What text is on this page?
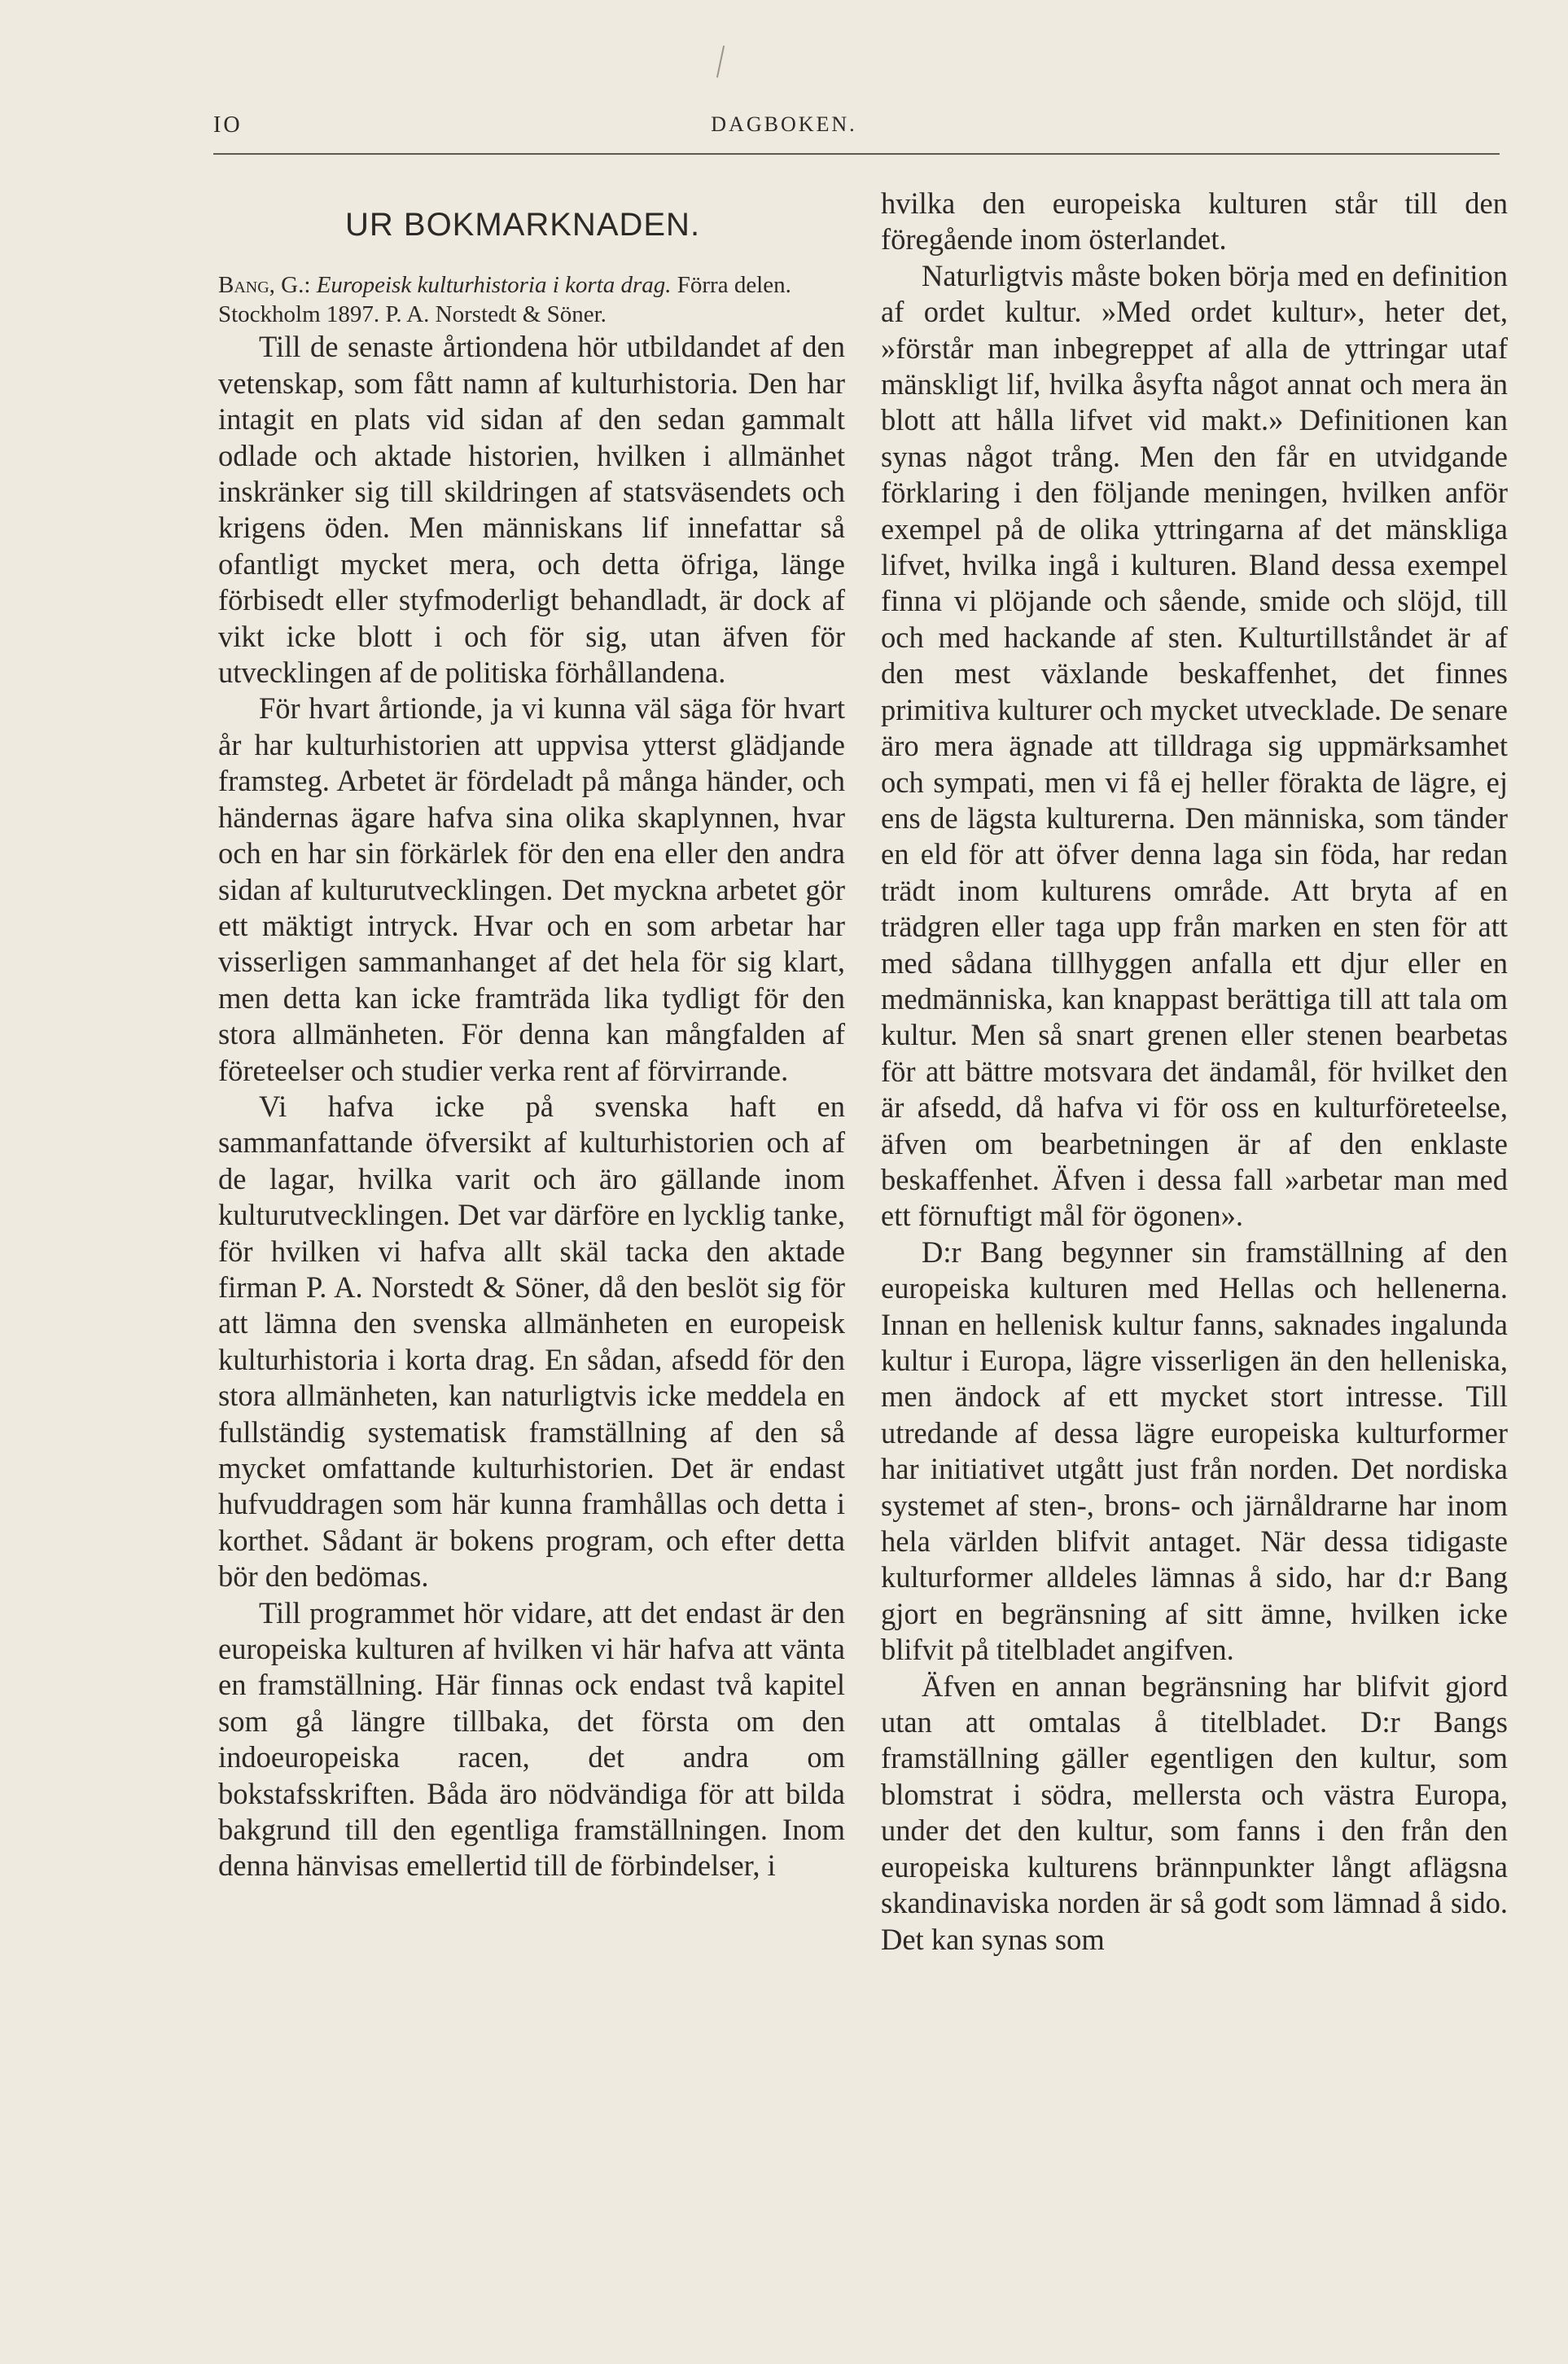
IO	DAGBOKEN.
UR BOKMARKNADEN.

Bang, G.: Europeisk kulturhistoria i korta drag. Förra delen. Stockholm 1897. P. A. Norstedt & Söner.

Till de senaste årtiondena hör utbildandet af den vetenskap, som fått namn af kulturhistoria. Den har intagit en plats vid sidan af den sedan gammalt odlade och aktade historien, hvilken i allmänhet inskränker sig till skildringen af statsväsendets och krigens öden. Men människans lif innefattar så ofantligt mycket mera, och detta öfriga, länge förbisedt eller styfmoderligt behandladt, är dock af vikt icke blott i och för sig, utan äfven för utvecklingen af de politiska förhållandena.

För hvart årtionde, ja vi kunna väl säga för hvart år har kulturhistorien att uppvisa ytterst glädjande framsteg. Arbetet är fördeladt på många händer, och händernas ägare hafva sina olika skaplynnen, hvar och en har sin förkärlek för den ena eller den andra sidan af kulturutvecklingen. Det myckna arbetet gör ett mäktigt intryck. Hvar och en som arbetar har visserligen sammanhanget af det hela för sig klart, men detta kan icke framträda lika tydligt för den stora allmänheten. För denna kan mångfalden af företeelser och studier verka rent af förvirrande.

Vi hafva icke på svenska haft en sammanfattande öfversikt af kulturhistorien och af de lagar, hvilka varit och äro gällande inom kulturutvecklingen. Det var därföre en lycklig tanke, för hvilken vi hafva allt skäl tacka den aktade firman P. A. Norstedt & Söner, då den beslöt sig för att lämna den svenska allmänheten en europeisk kulturhistoria i korta drag. En sådan, afsedd för den stora allmänheten, kan naturligtvis icke meddela en fullständig systematisk framställning af den så mycket omfattande kulturhistorien. Det är endast hufvuddragen som här kunna framhållas och detta i korthet. Sådant är bokens program, och efter detta bör den bedömas.

Till programmet hör vidare, att det endast är den europeiska kulturen af hvilken vi här hafva att vänta en framställning. Här finnas ock endast två kapitel som gå längre tillbaka, det första om den indoeuropeiska racen, det andra om bokstafsskriften. Båda äro nödvändiga för att bilda bakgrund till den egentliga framställningen. Inom denna hänvisas emellertid till de förbindelser, i

hvilka den europeiska kulturen står till den föregående inom österlandet.

Naturligtvis måste boken börja med en definition af ordet kultur. »Med ordet kultur», heter det, »förstår man inbegreppet af alla de yttringar utaf mänskligt lif, hvilka åsyfta något annat och mera än blott att hålla lifvet vid makt.» Definitionen kan synas något trång. Men den får en utvidgande förklaring i den följande meningen, hvilken anför exempel på de olika yttringarna af det mänskliga lifvet, hvilka ingå i kulturen. Bland dessa exempel finna vi plöjande och sående, smide och slöjd, till och med hackande af sten. Kulturtillståndet är af den mest växlande beskaffenhet, det finnes primitiva kulturer och mycket utvecklade. De senare äro mera ägnade att tilldraga sig uppmärksamhet och sympati, men vi få ej heller förakta de lägre, ej ens de lägsta kulturerna. Den människa, som tänder en eld för att öfver denna laga sin föda, har redan trädt inom kulturens område. Att bryta af en trädgren eller taga upp från marken en sten för att med sådana tillhyggen anfalla ett djur eller en medmänniska, kan knappast berättiga till att tala om kultur. Men så snart grenen eller stenen bearbetas för att bättre motsvara det ändamål, för hvilket den är afsedd, då hafva vi för oss en kulturföreteelse, äfven om bearbetningen är af den enklaste beskaffenhet. Äfven i dessa fall »arbetar man med ett förnuftigt mål för ögonen».

D:r Bang begynner sin framställning af den europeiska kulturen med Hellas och hellenerna. Innan en hellenisk kultur fanns, saknades ingalunda kultur i Europa, lägre visserligen än den helleniska, men ändock af ett mycket stort intresse. Till utredande af dessa lägre europeiska kulturformer har initiativet utgått just från norden. Det nordiska systemet af sten-, brons- och järnåldrarne har inom hela världen blifvit antaget. När dessa tidigaste kulturformer alldeles lämnas å sido, har d:r Bang gjort en begränsning af sitt ämne, hvilken icke blifvit på titelbladet angifven.

Äfven en annan begränsning har blifvit gjord utan att omtalas å titelbladet. D:r Bangs framställning gäller egentligen den kultur, som blomstrat i södra, mellersta och västra Europa, under det den kultur, som fanns i den från den europeiska kulturens brännpunkter långt aflägsna skandinaviska norden är så godt som lämnad å sido. Det kan synas som
